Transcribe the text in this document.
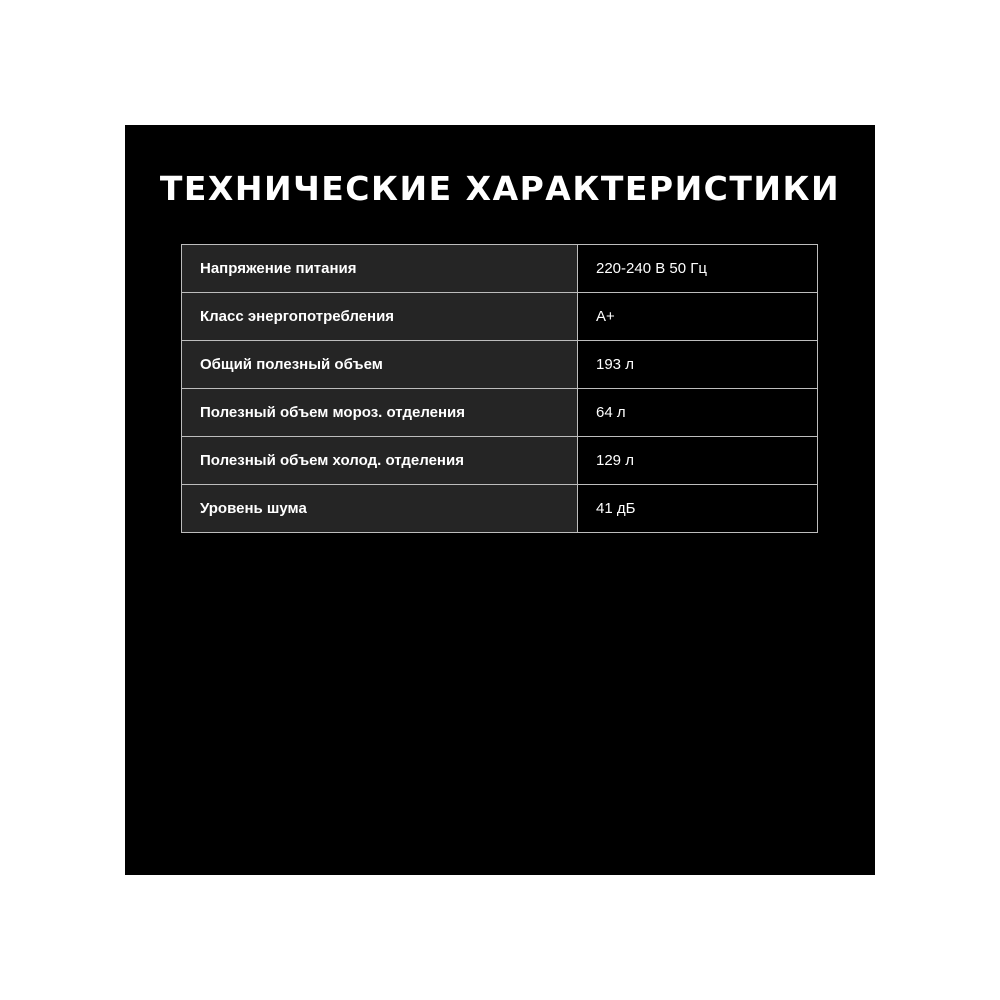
ТЕХНИЧЕСКИЕ ХАРАКТЕРИСТИКИ
Напряжение питания	220-240 В 50 Гц
Класс энергопотребления	A+
Общий полезный объем	193 л
Полезный объем мороз. отделения	64 л
Полезный объем холод. отделения	129 л
Уровень шума	41 дБ
